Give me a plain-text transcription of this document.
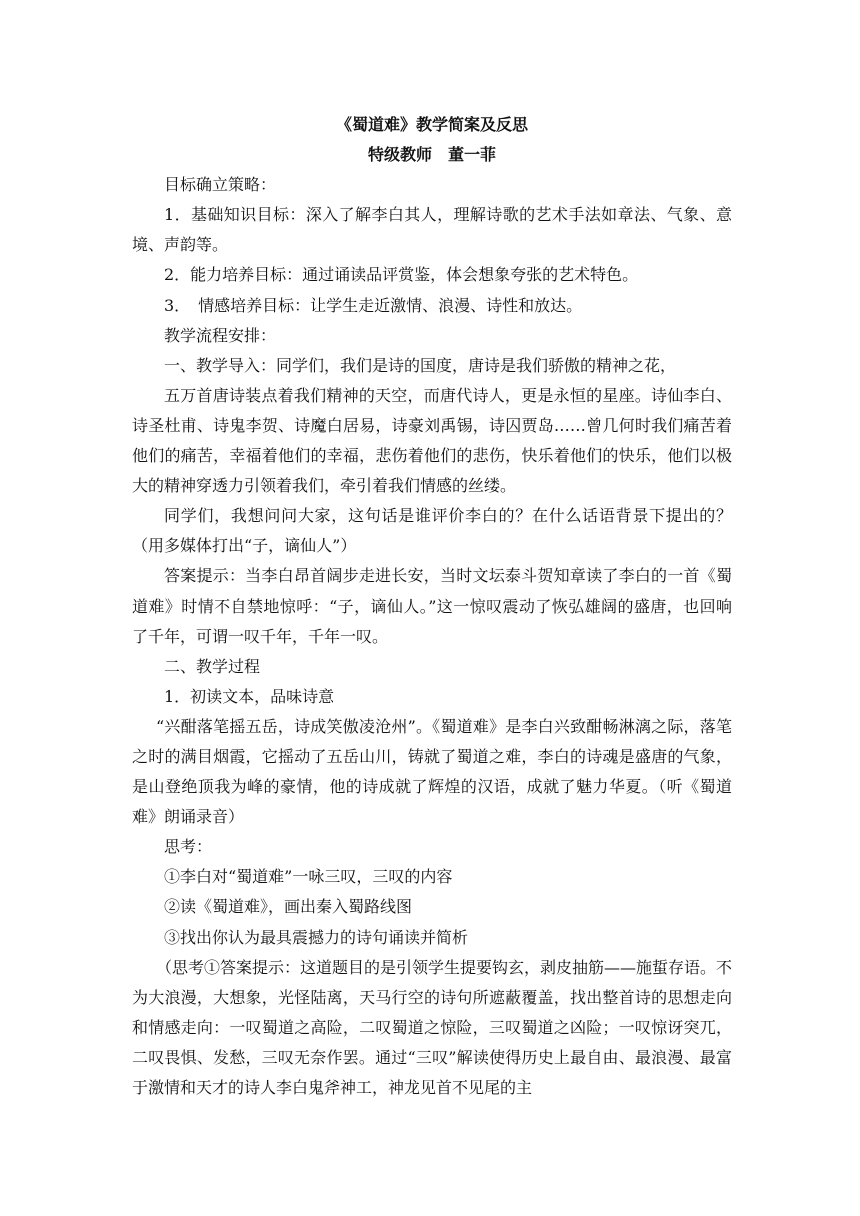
《蜀道难》教学简案及反思

特级教师　董一菲

目标确立策略：

1．基础知识目标：深入了解李白其人，理解诗歌的艺术手法如章法、气象、意境、声韵等。

2．能力培养目标：通过诵读品评赏鉴，体会想象夸张的艺术特色。

3．　情感培养目标：让学生走近激情、浪漫、诗性和放达。

教学流程安排：

一、教学导入：同学们，我们是诗的国度，唐诗是我们骄傲的精神之花，

五万首唐诗装点着我们精神的天空，而唐代诗人，更是永恒的星座。诗仙李白、诗圣杜甫、诗鬼李贺、诗魔白居易，诗豪刘禹锡，诗囚贾岛……曾几何时我们痛苦着他们的痛苦，幸福着他们的幸福，悲伤着他们的悲伤，快乐着他们的快乐，他们以极大的精神穿透力引领着我们，牵引着我们情感的丝缕。

同学们，我想问问大家，这句话是谁评价李白的？在什么话语背景下提出的？（用多媒体打出“子，谪仙人”）

答案提示：当李白昂首阔步走进长安，当时文坛泰斗贺知章读了李白的一首《蜀道难》时情不自禁地惊呼：“子，谪仙人。”这一惊叹震动了恢弘雄阔的盛唐，也回响了千年，可谓一叹千年，千年一叹。

二、教学过程

1．初读文本，品味诗意

“兴酣落笔摇五岳，诗成笑傲凌沧州”。《蜀道难》是李白兴致酣畅淋漓之际，落笔之时的满目烟霞，它摇动了五岳山川，铸就了蜀道之难，李白的诗魂是盛唐的气象，是山登绝顶我为峰的豪情，他的诗成就了辉煌的汉语，成就了魅力华夏。（听《蜀道难》朗诵录音）

思考：

①李白对“蜀道难”一咏三叹，三叹的内容

②读《蜀道难》，画出秦入蜀路线图

③找出你认为最具震撼力的诗句诵读并简析

（思考①答案提示：这道题目的是引领学生提要钩玄，剥皮抽筋——施蜇存语。不为大浪漫，大想象，光怪陆离，天马行空的诗句所遮蔽覆盖，找出整首诗的思想走向和情感走向：一叹蜀道之高险，二叹蜀道之惊险，三叹蜀道之凶险；一叹惊讶突兀，二叹畏惧、发愁，三叹无奈作罢。通过“三叹”解读使得历史上最自由、最浪漫、最富于激情和天才的诗人李白鬼斧神工，神龙见首不见尾的主
